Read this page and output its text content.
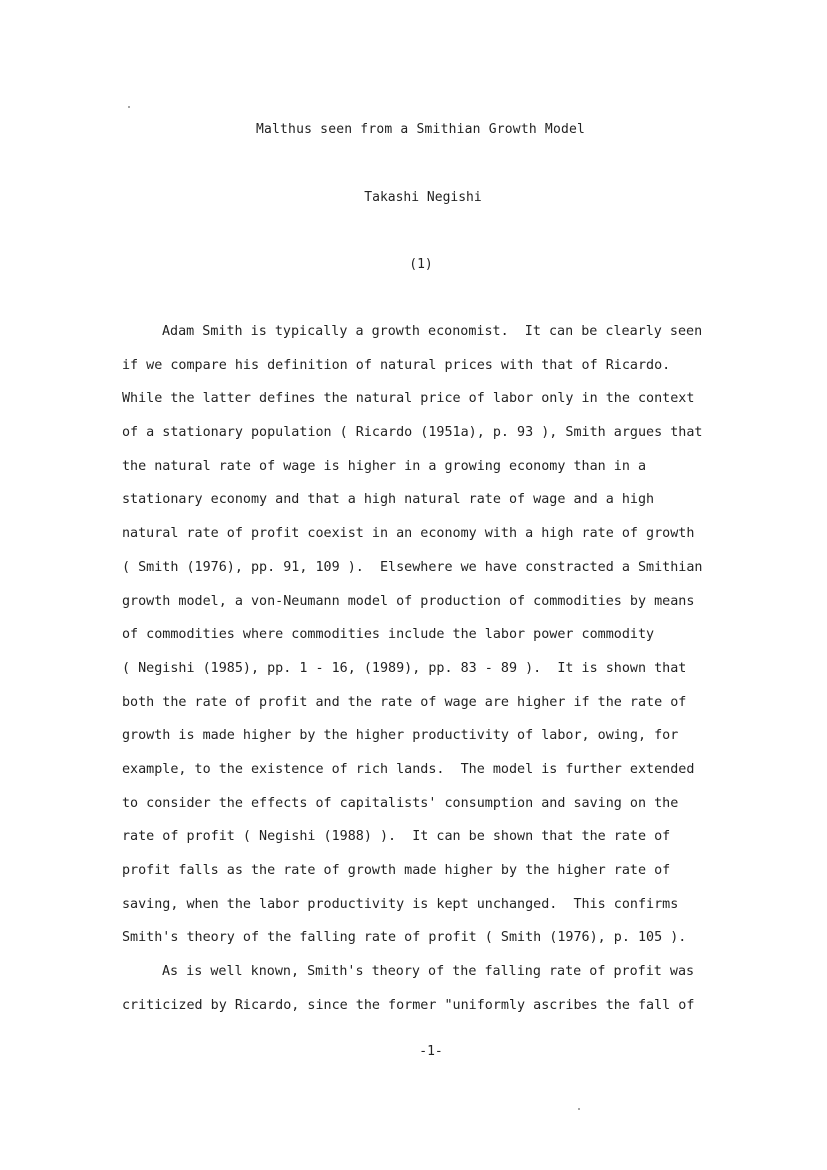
Malthus seen from a Smithian Growth Model
Takashi Negishi
(1)
Adam Smith is typically a growth economist.  It can be clearly seen
if we compare his definition of natural prices with that of Ricardo.
While the latter defines the natural price of labor only in the context
of a stationary population ( Ricardo (1951a), p. 93 ), Smith argues that
the natural rate of wage is higher in a growing economy than in a
stationary economy and that a high natural rate of wage and a high
natural rate of profit coexist in an economy with a high rate of growth
( Smith (1976), pp. 91, 109 ).  Elsewhere we have constracted a Smithian
growth model, a von-Neumann model of production of commodities by means
of commodities where commodities include the labor power commodity
( Negishi (1985), pp. 1 - 16, (1989), pp. 83 - 89 ).  It is shown that
both the rate of profit and the rate of wage are higher if the rate of
growth is made higher by the higher productivity of labor, owing, for
example, to the existence of rich lands.  The model is further extended
to consider the effects of capitalists' consumption and saving on the
rate of profit ( Negishi (1988) ).  It can be shown that the rate of
profit falls as the rate of growth made higher by the higher rate of
saving, when the labor productivity is kept unchanged.  This confirms
Smith's theory of the falling rate of profit ( Smith (1976), p. 105 ).
As is well known, Smith's theory of the falling rate of profit was
criticized by Ricardo, since the former "uniformly ascribes the fall of
-1-
